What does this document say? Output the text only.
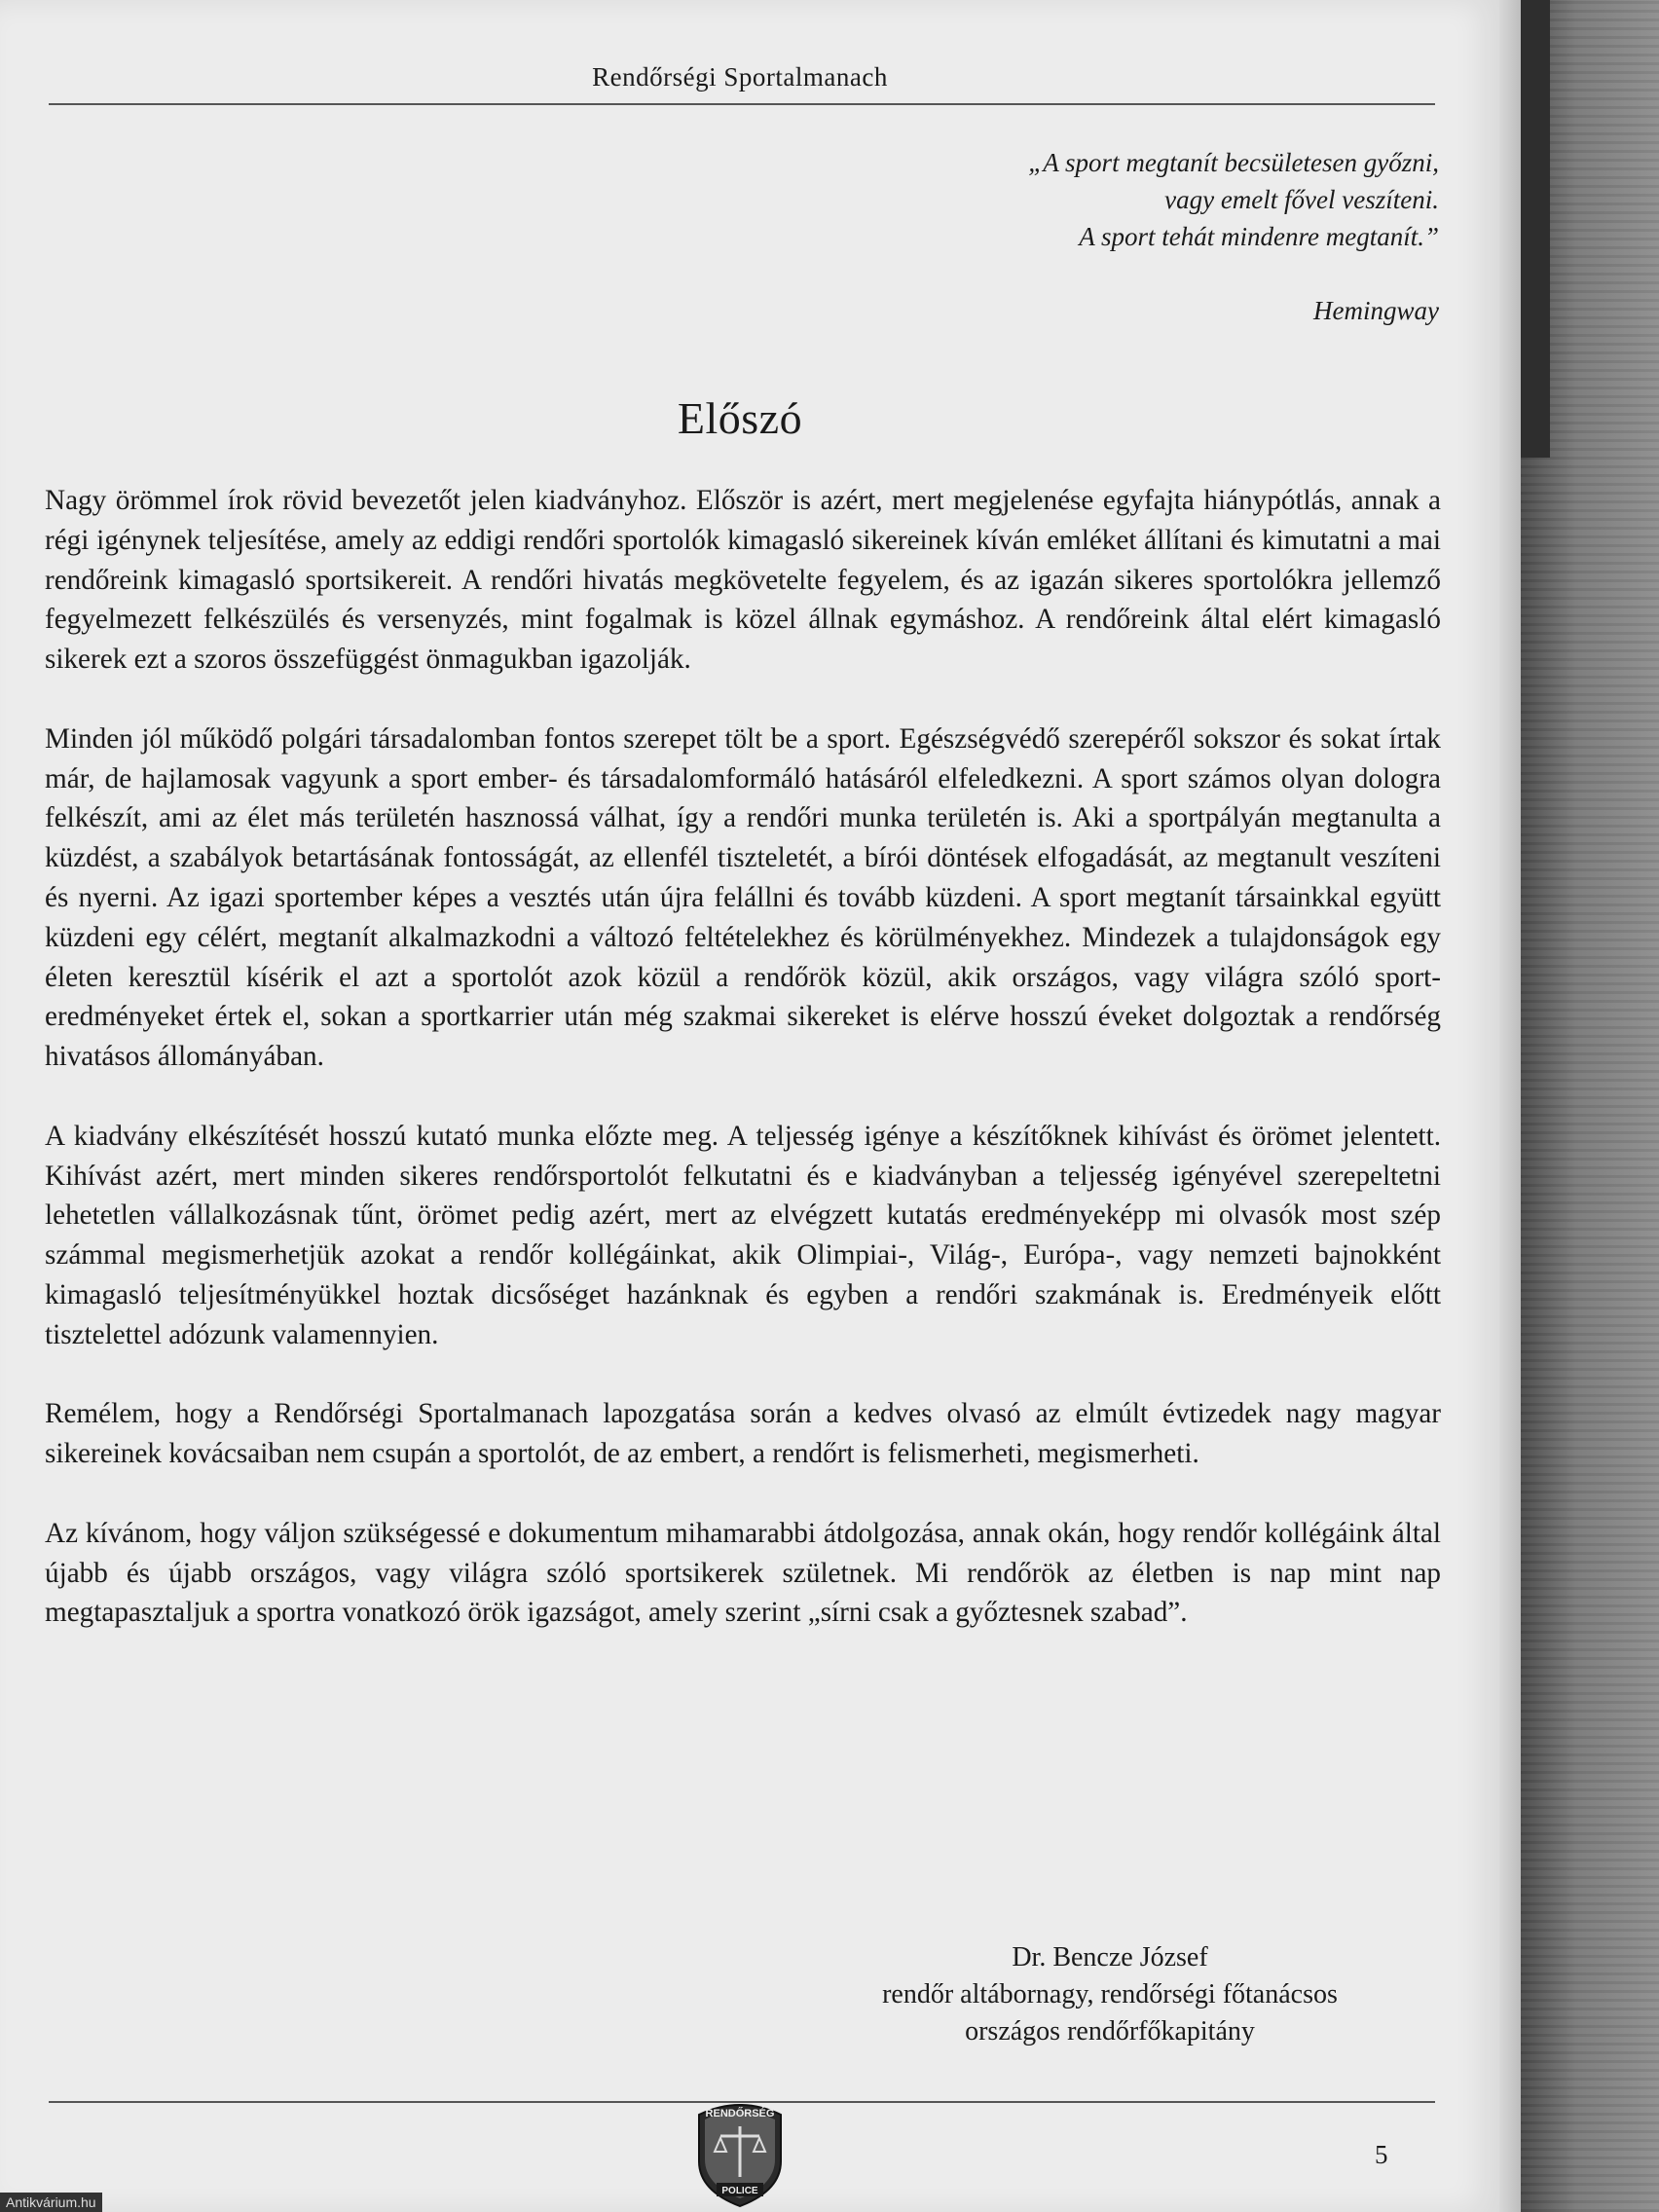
Rendőrségi Sportalmanach
„A sport megtanít becsületesen győzni,
vagy emelt fővel veszíteni.
A sport tehát mindenre megtanít.”
Hemingway
Előszó

Nagy örömmel írok rövid bevezetőt jelen kiadványhoz. Először is azért, mert megjelenése egyfajta hiánypótlás, annak a régi igénynek teljesítése, amely az eddigi rendőri sportolók kimagasló sikereinek kíván emléket állítani és kimutatni a mai rendőreink kimagasló sportsikereit. A rendőri hivatás megkövetelte fegyelem, és az igazán sikeres sportolókra jellemző fegyelmezett felkészülés és versenyzés, mint fogalmak is közel állnak egymáshoz. A rendőreink által elért kimagasló sikerek ezt a szoros összefüggést önmagukban igazolják.

Minden jól működő polgári társadalomban fontos szerepet tölt be a sport. Egészségvédő szerepéről sokszor és sokat írtak már, de hajlamosak vagyunk a sport ember- és társadalomformáló hatásáról elfeledkezni. A sport számos olyan dologra felkészít, ami az élet más területén hasznossá válhat, így a rendőri munka területén is. Aki a sportpályán megtanulta a küzdést, a szabályok betartásának fontosságát, az ellenfél tiszteletét, a bírói döntések elfogadását, az megtanult veszíteni és nyerni. Az igazi sportember képes a vesztés után újra felállni és tovább küzdeni. A sport megtanít társainkkal együtt küzdeni egy célért, megtanít alkalmazkodni a változó feltételekhez és körülményekhez. Mindezek a tulajdonságok egy életen keresztül kísérik el azt a sportolót azok közül a rendőrök közül, akik országos, vagy világra szóló sport-eredményeket értek el, sokan a sportkarrier után még szakmai sikereket is elérve hosszú éveket dolgoztak a rendőrség hivatásos állományában.

A kiadvány elkészítését hosszú kutató munka előzte meg. A teljesség igénye a készítőknek kihívást és örömet jelentett. Kihívást azért, mert minden sikeres rendőrsportolót felkutatni és e kiadványban a teljesség igényével szerepeltetni lehetetlen vállalkozásnak tűnt, örömet pedig azért, mert az elvégzett kutatás eredményeképp mi olvasók most szép számmal megismerhetjük azokat a rendőr kollégáinkat, akik Olimpiai-, Világ-, Európa-, vagy nemzeti bajnokként kimagasló teljesítményükkel hoztak dicsőséget hazánknak és egyben a rendőri szakmának is. Eredményeik előtt tisztelettel adózunk valamennyien.

Remélem, hogy a Rendőrségi Sportalmanach lapozgatása során a kedves olvasó az elmúlt évtizedek nagy magyar sikereinek kovácsaiban nem csupán a sportolót, de az embert, a rendőrt is felismerheti, megismerheti.

Az kívánom, hogy váljon szükségessé e dokumentum mihamarabbi átdolgozása, annak okán, hogy rendőr kollégáink által újabb és újabb országos, vagy világra szóló sportsikerek születnek. Mi rendőrök az életben is nap mint nap megtapasztaljuk a sportra vonatkozó örök igazságot, amely szerint „sírni csak a győztesnek szabad”.

Dr. Bencze József
rendőr altábornagy, rendőrségi főtanácsos
országos rendőrfőkapitány
RENDŐRSÉG
POLICE
5
Antikvárium.hu
